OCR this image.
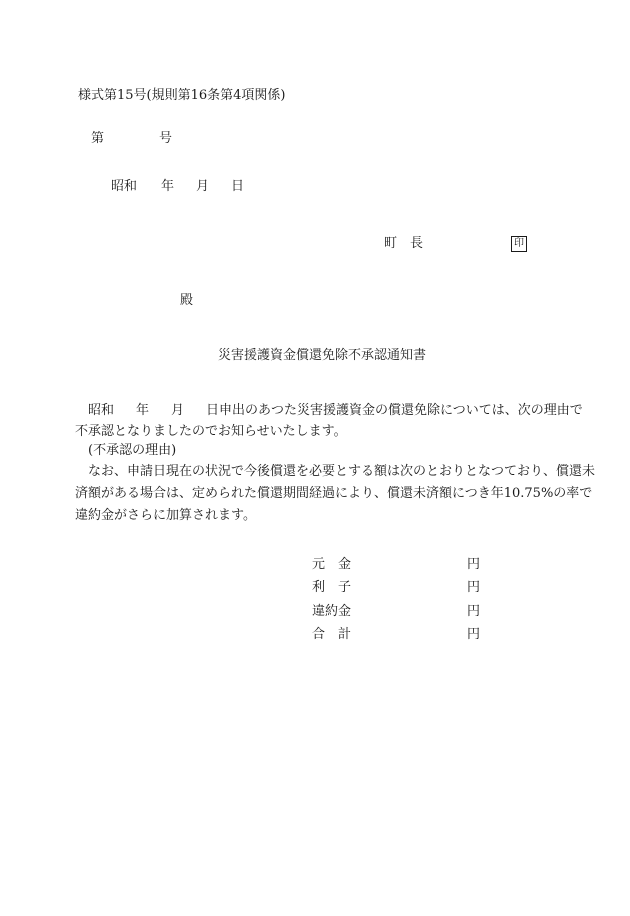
様式第15号(規則第16条第4項関係)
第	号
昭和 年 月 日
町　長	印
殿
災害援護資金償還免除不承認通知書
昭和 年 月 日申出のあつた災害援護資金の償還免除については、次の理由で
不承認となりましたのでお知らせいたします。
(不承認の理由)
なお、申請日現在の状況で今後償還を必要とする額は次のとおりとなつており、償還未
済額がある場合は、定められた償還期間経過により、償還未済額につき年10.75%の率で
違約金がさらに加算されます。
元　金	円
利　子	円
違約金	円
合　計	円
